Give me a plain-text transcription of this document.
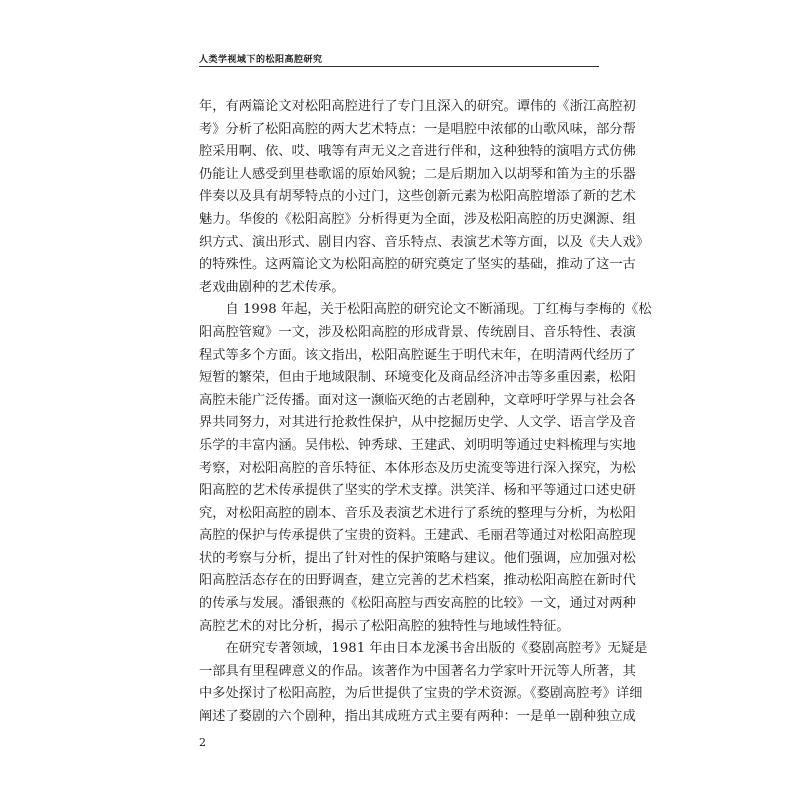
人类学视域下的松阳高腔研究
年，有两篇论文对松阳高腔进行了专门且深入的研究。谭伟的《浙江高腔初
考》分析了松阳高腔的两大艺术特点：一是唱腔中浓郁的山歌风味，部分帮
腔采用啊、依、哎、哦等有声无义之音进行伴和，这种独特的演唱方式仿佛
仍能让人感受到里巷歌谣的原始风貌；二是后期加入以胡琴和笛为主的乐器
伴奏以及具有胡琴特点的小过门，这些创新元素为松阳高腔增添了新的艺术
魅力。华俊的《松阳高腔》分析得更为全面，涉及松阳高腔的历史渊源、组
织方式、演出形式、剧目内容、音乐特点、表演艺术等方面，以及《夫人戏》
的特殊性。这两篇论文为松阳高腔的研究奠定了坚实的基础，推动了这一古
老戏曲剧种的艺术传承。
　　自 1998 年起，关于松阳高腔的研究论文不断涌现。丁红梅与李梅的《松
阳高腔管窥》一文，涉及松阳高腔的形成背景、传统剧目、音乐特性、表演
程式等多个方面。该文指出，松阳高腔诞生于明代末年，在明清两代经历了
短暂的繁荣，但由于地域限制、环境变化及商品经济冲击等多重因素，松阳
高腔未能广泛传播。面对这一濒临灭绝的古老剧种，文章呼吁学界与社会各
界共同努力，对其进行抢救性保护，从中挖掘历史学、人文学、语言学及音
乐学的丰富内涵。吴伟松、钟秀球、王建武、刘明明等通过史料梳理与实地
考察，对松阳高腔的音乐特征、本体形态及历史流变等进行深入探究，为松
阳高腔的艺术传承提供了坚实的学术支撑。洪笑洋、杨和平等通过口述史研
究，对松阳高腔的剧本、音乐及表演艺术进行了系统的整理与分析，为松阳
高腔的保护与传承提供了宝贵的资料。王建武、毛丽君等通过对松阳高腔现
状的考察与分析，提出了针对性的保护策略与建议。他们强调，应加强对松
阳高腔活态存在的田野调查，建立完善的艺术档案，推动松阳高腔在新时代
的传承与发展。潘银燕的《松阳高腔与西安高腔的比较》一文，通过对两种
高腔艺术的对比分析，揭示了松阳高腔的独特性与地域性特征。
　　在研究专著领域，1981 年由日本龙溪书舍出版的《婺剧高腔考》无疑是
一部具有里程碑意义的作品。该著作为中国著名力学家叶开沅等人所著，其
中多处探讨了松阳高腔，为后世提供了宝贵的学术资源。《婺剧高腔考》详细
阐述了婺剧的六个剧种，指出其成班方式主要有两种：一是单一剧种独立成
2
